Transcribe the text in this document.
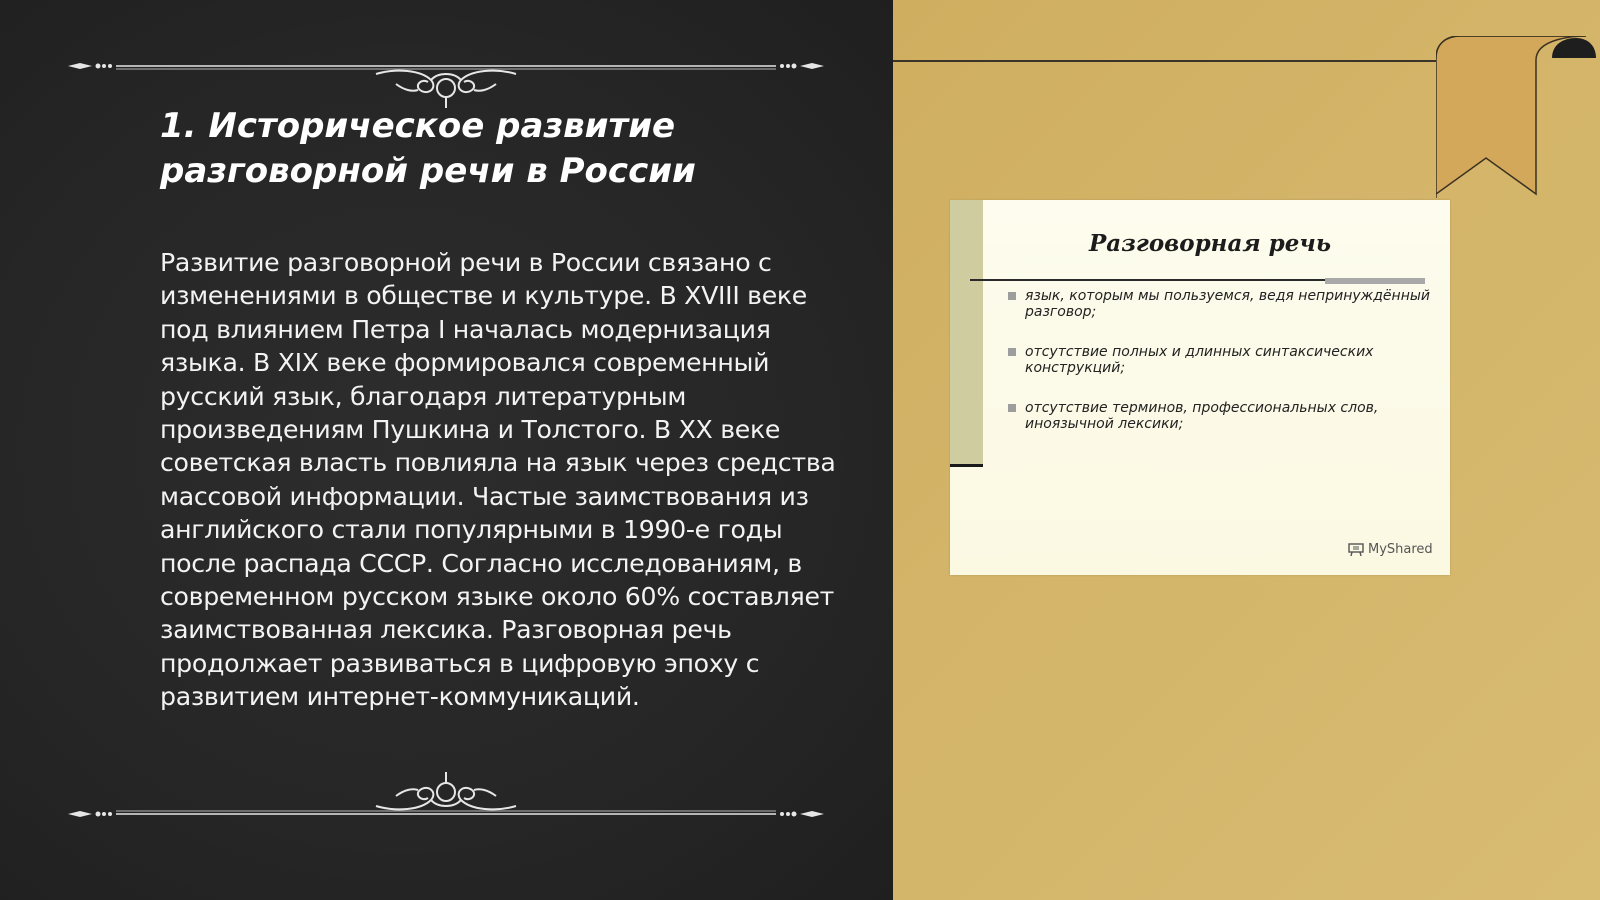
1. Историческое развитие разговорной речи в России

Развитие разговорной речи в России связано с изменениями в обществе и культуре. В XVIII веке под влиянием Петра I началась модернизация языка. В XIX веке формировался современный русский язык, благодаря литературным произведениям Пушкина и Толстого. В XX веке советская власть повлияла на язык через средства массовой информации. Частые заимствования из английского стали популярными в 1990-е годы после распада СССР. Согласно исследованиям, в современном русском языке около 60% составляет заимствованная лексика. Разговорная речь продолжает развиваться в цифровую эпоху с развитием интернет-коммуникаций.

Разговорная речь
язык, которым мы пользуемся, ведя непринуждённый разговор;
отсутствие полных и длинных синтаксических конструкций;
отсутствие терминов, профессиональных слов, иноязычной лексики;
MyShared
